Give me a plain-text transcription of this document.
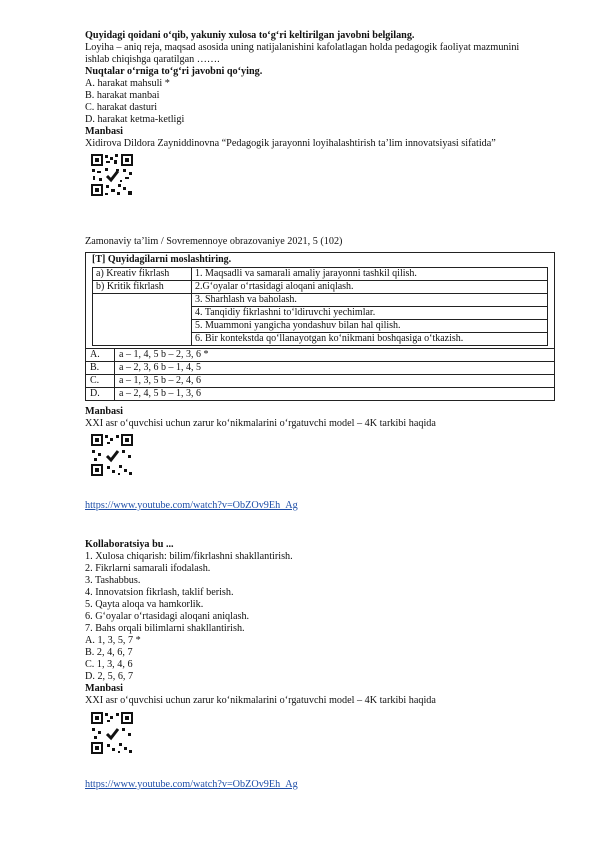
Quyidagi qoidani o‘qib, yakuniy xulosa to‘g‘ri keltirilgan javobni belgilang.
Loyiha – aniq reja, maqsad asosida uning natijalanishini kafolatlagan holda pedagogik faoliyat mazmunini
ishlab chiqishga qaratilgan …….
Nuqtalar o‘rniga to‘g‘ri javobni qo‘ying.
A. harakat mahsuli *
B. harakat manbai
C. harakat dasturi
D. harakat ketma-ketligi
Manbasi
Xidirova Dildora Zayniddinovna “Pedagogik jarayonni loyihalashtirish ta’lim innovatsiyasi sifatida”
Zamonaviy ta’lim / Sovremennoye obrazovaniye 2021, 5 (102)
[T] Quyidagilarni moslashtiring.
a) Kreativ fikrlash	1. Maqsadli va samarali amaliy jarayonni tashkil qilish.
b) Kritik fikrlash	2.G‘oyalar o‘rtasidagi aloqani aniqlash.
	3. Sharhlash va baholash.
	4. Tanqidiy fikrlashni to‘ldiruvchi yechimlar.
	5. Muammoni yangicha yondashuv bilan hal qilish.
	6. Bir kontekstda qo‘llanayotgan ko‘nikmani boshqasiga o‘tkazish.

A.	a – 1, 4, 5 b – 2, 3, 6 *
B.	a – 2, 3, 6 b – 1, 4, 5
C.	a – 1, 3, 5 b – 2, 4, 6
D.	a – 2, 4, 5 b – 1, 3, 6
Manbasi
XXI asr o‘quvchisi uchun zarur ko‘nikmalarini o‘rgatuvchi model – 4K tarkibi haqida
https://www.youtube.com/watch?v=ObZOv9Eh_Ag
Kollaboratsiya bu ...
1. Xulosa chiqarish: bilim/fikrlashni shakllantirish.
2. Fikrlarni samarali ifodalash.
3. Tashabbus.
4. Innovatsion fikrlash, taklif berish.
5. Qayta aloqa va hamkorlik.
6. G‘oyalar o‘rtasidagi aloqani aniqlash.
7. Bahs orqali bilimlarni shakllantirish.
A. 1, 3, 5, 7 *
B. 2, 4, 6, 7
C. 1, 3, 4, 6
D. 2, 5, 6, 7
Manbasi
XXI asr o‘quvchisi uchun zarur ko‘nikmalarini o‘rgatuvchi model – 4K tarkibi haqida
https://www.youtube.com/watch?v=ObZOv9Eh_Ag
